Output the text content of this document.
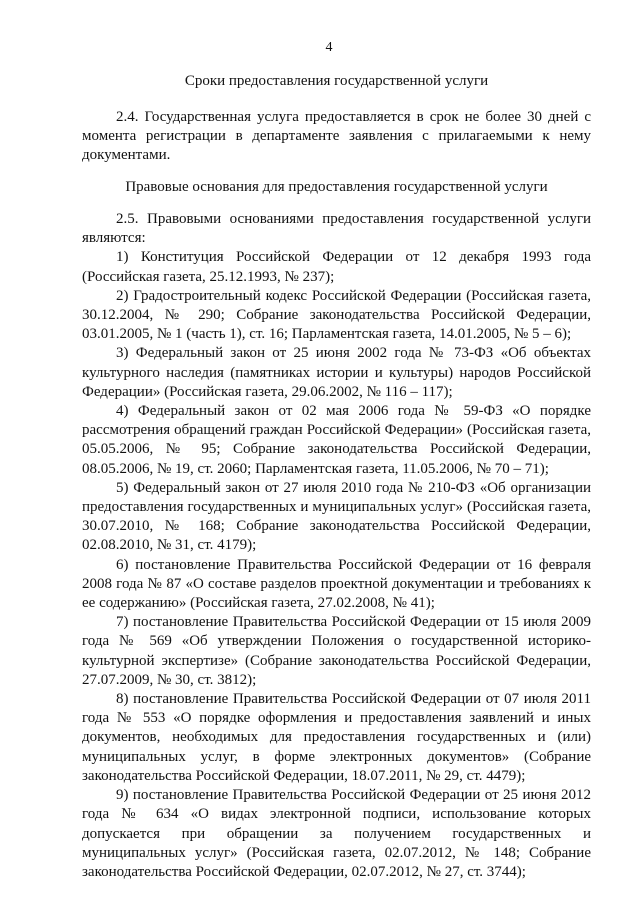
4
Сроки предоставления государственной услуги

2.4. Государственная услуга предоставляется в срок не более 30 дней с момента регистрации в департаменте заявления с прилагаемыми к нему документами.

Правовые основания для предоставления государственной услуги

2.5. Правовыми основаниями предоставления государственной услуги являются:

1) Конституция Российской Федерации от 12 декабря 1993 года (Российская газета, 25.12.1993, № 237);

2) Градостроительный кодекс Российской Федерации (Российская газета, 30.12.2004, № 290; Собрание законодательства Российской Федерации, 03.01.2005, № 1 (часть 1), ст. 16; Парламентская газета, 14.01.2005, № 5 – 6);

3) Федеральный закон от 25 июня 2002 года № 73-ФЗ «Об объектах культурного наследия (памятниках истории и культуры) народов Российской Федерации» (Российская газета, 29.06.2002, № 116 – 117);

4) Федеральный закон от 02 мая 2006 года № 59-ФЗ «О порядке рассмотрения обращений граждан Российской Федерации» (Российская газета, 05.05.2006, № 95; Собрание законодательства Российской Федерации, 08.05.2006, № 19, ст. 2060; Парламентская газета, 11.05.2006, № 70 – 71);

5) Федеральный закон от 27 июля 2010 года № 210-ФЗ «Об организации предоставления государственных и муниципальных услуг» (Российская газета, 30.07.2010, № 168; Собрание законодательства Российской Федерации, 02.08.2010, № 31, ст. 4179);

6) постановление Правительства Российской Федерации от 16 февраля 2008 года № 87 «О составе разделов проектной документации и требованиях к ее содержанию» (Российская газета, 27.02.2008, № 41);

7) постановление Правительства Российской Федерации от 15 июля 2009 года № 569 «Об утверждении Положения о государственной историко-культурной экспертизе» (Собрание законодательства Российской Федерации, 27.07.2009, № 30, ст. 3812);

8) постановление Правительства Российской Федерации от 07 июля 2011 года № 553 «О порядке оформления и предоставления заявлений и иных документов, необходимых для предоставления государственных и (или) муниципальных услуг, в форме электронных документов» (Собрание законодательства Российской Федерации, 18.07.2011, № 29, ст. 4479);

9) постановление Правительства Российской Федерации от 25 июня 2012 года № 634 «О видах электронной подписи, использование которых допускается при обращении за получением государственных и муниципальных услуг» (Российская газета, 02.07.2012, № 148; Собрание законодательства Российской Федерации, 02.07.2012, № 27, ст. 3744);
